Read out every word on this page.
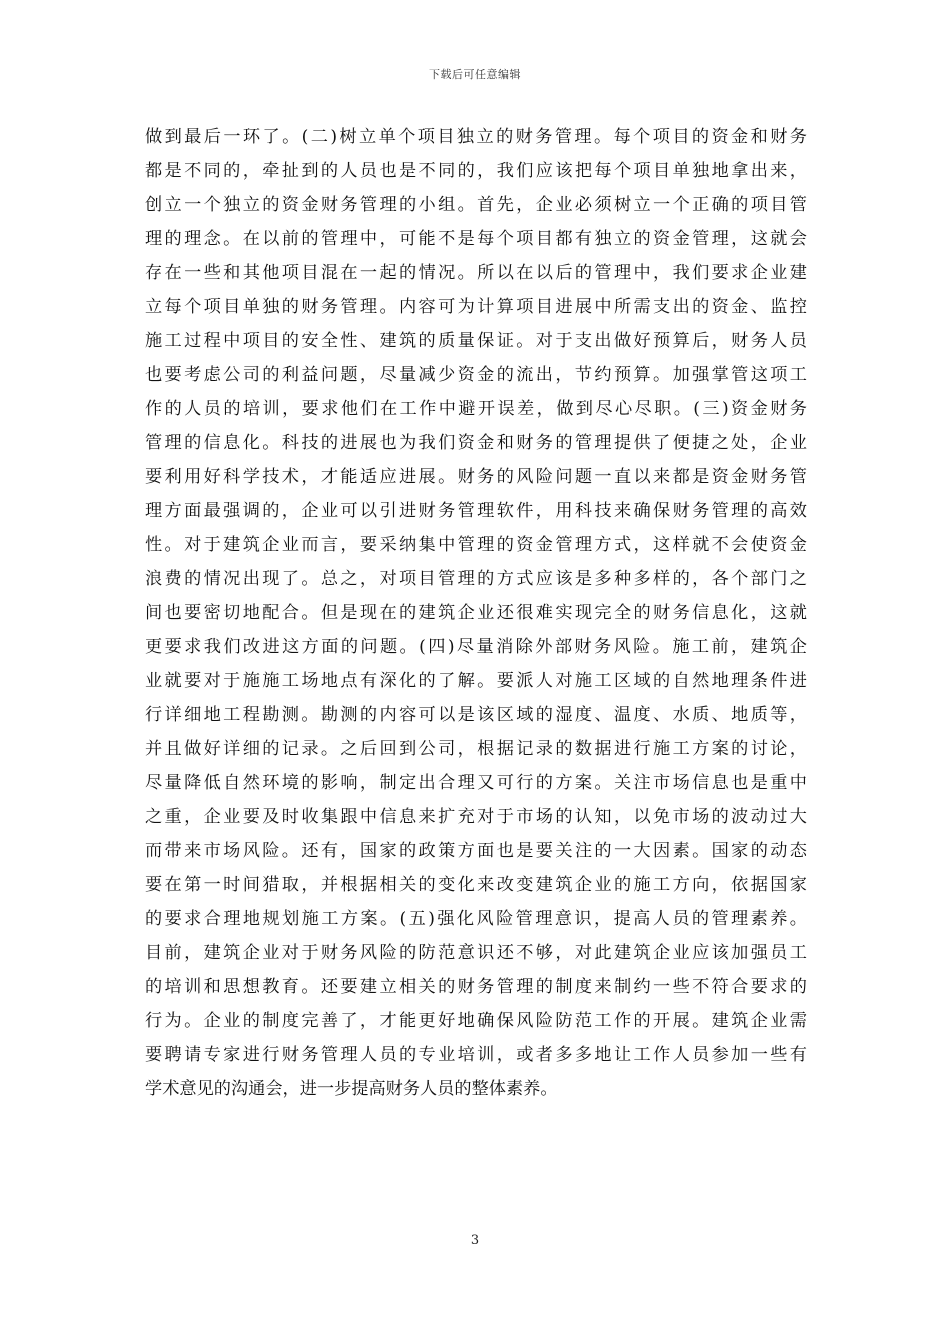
下载后可任意编辑
做到最后一环了。(二)树立单个项目独立的财务管理。每个项目的资金和财务
都是不同的，牵扯到的人员也是不同的，我们应该把每个项目单独地拿出来，
创立一个独立的资金财务管理的小组。首先，企业必须树立一个正确的项目管
理的理念。在以前的管理中，可能不是每个项目都有独立的资金管理，这就会
存在一些和其他项目混在一起的情况。所以在以后的管理中，我们要求企业建
立每个项目单独的财务管理。内容可为计算项目进展中所需支出的资金、监控
施工过程中项目的安全性、建筑的质量保证。对于支出做好预算后，财务人员
也要考虑公司的利益问题，尽量减少资金的流出，节约预算。加强掌管这项工
作的人员的培训，要求他们在工作中避开误差，做到尽心尽职。(三)资金财务
管理的信息化。科技的进展也为我们资金和财务的管理提供了便捷之处，企业
要利用好科学技术，才能适应进展。财务的风险问题一直以来都是资金财务管
理方面最强调的，企业可以引进财务管理软件，用科技来确保财务管理的高效
性。对于建筑企业而言，要采纳集中管理的资金管理方式，这样就不会使资金
浪费的情况出现了。总之，对项目管理的方式应该是多种多样的，各个部门之
间也要密切地配合。但是现在的建筑企业还很难实现完全的财务信息化，这就
更要求我们改进这方面的问题。(四)尽量消除外部财务风险。施工前，建筑企
业就要对于施施工场地点有深化的了解。要派人对施工区域的自然地理条件进
行详细地工程勘测。勘测的内容可以是该区域的湿度、温度、水质、地质等，
并且做好详细的记录。之后回到公司，根据记录的数据进行施工方案的讨论，
尽量降低自然环境的影响，制定出合理又可行的方案。关注市场信息也是重中
之重，企业要及时收集跟中信息来扩充对于市场的认知，以免市场的波动过大
而带来市场风险。还有，国家的政策方面也是要关注的一大因素。国家的动态
要在第一时间猎取，并根据相关的变化来改变建筑企业的施工方向，依据国家
的要求合理地规划施工方案。(五)强化风险管理意识，提高人员的管理素养。
目前，建筑企业对于财务风险的防范意识还不够，对此建筑企业应该加强员工
的培训和思想教育。还要建立相关的财务管理的制度来制约一些不符合要求的
行为。企业的制度完善了，才能更好地确保风险防范工作的开展。建筑企业需
要聘请专家进行财务管理人员的专业培训，或者多多地让工作人员参加一些有
学术意见的沟通会，进一步提高财务人员的整体素养。
3
